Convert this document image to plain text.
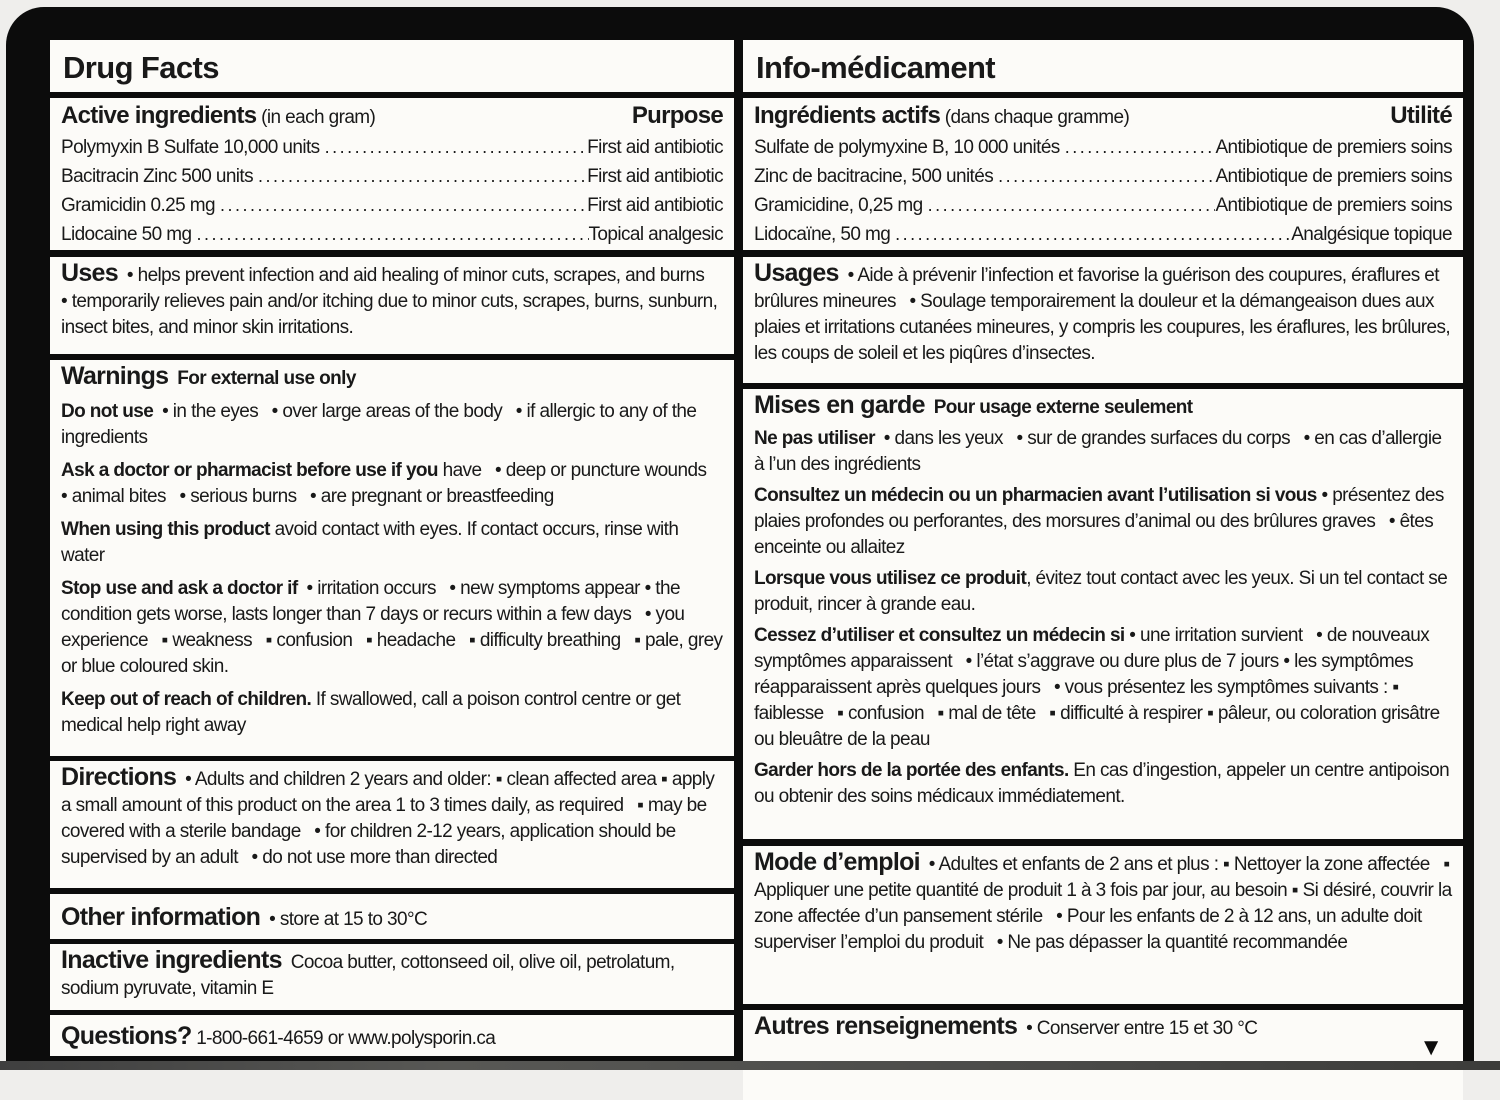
Drug Facts
Active ingredients (in each gram)	Purpose
Polymyxin B Sulfate 10,000 units .....	First aid antibiotic
Bacitracin Zinc 500 units .....	First aid antibiotic
Gramicidin 0.25 mg .....	First aid antibiotic
Lidocaine 50 mg .....	Topical analgesic

Uses • helps prevent infection and aid healing of minor cuts, scrapes, and burns  • temporarily relieves pain and/or itching due to minor cuts, scrapes, burns, sunburn, insect bites, and minor skin irritations.

Warnings For external use only

Do not use • in the eyes  • over large areas of the body  • if allergic to any of the ingredients

Ask a doctor or pharmacist before use if you have  • deep or puncture wounds  • animal bites  • serious burns  • are pregnant or breastfeeding

When using this product avoid contact with eyes. If contact occurs, rinse with water

Stop use and ask a doctor if • irritation occurs  • new symptoms appear • the condition gets worse, lasts longer than 7 days or recurs within a few days  • you experience  ▪ weakness  ▪ confusion  ▪ headache  ▪ difficulty breathing  ▪ pale, grey or blue coloured skin.

Keep out of reach of children. If swallowed, call a poison control centre or get medical help right away

Directions • Adults and children 2 years and older: ▪ clean affected area ▪ apply a small amount of this product on the area 1 to 3 times daily, as required  ▪ may be covered with a sterile bandage  • for children 2-12 years, application should be supervised by an adult  • do not use more than directed

Other information • store at 15 to 30°C

Inactive ingredients Cocoa butter, cottonseed oil, olive oil, petrolatum, sodium pyruvate, vitamin E

Questions? 1-800-661-4659 or www.polysporin.ca

Info-médicament
Ingrédients actifs (dans chaque gramme)	Utilité
Sulfate de polymyxine B, 10 000 unités .....	Antibiotique de premiers soins
Zinc de bacitracine, 500 unités .....	Antibiotique de premiers soins
Gramicidine, 0,25 mg .....	Antibiotique de premiers soins
Lidocaïne, 50 mg .....	Analgésique topique

Usages • Aide à prévenir l’infection et favorise la guérison des coupures, éraflures et brûlures mineures  • Soulage temporairement la douleur et la démangeaison dues aux plaies et irritations cutanées mineures, y compris les coupures, les éraflures, les brûlures, les coups de soleil et les piqûres d’insectes.

Mises en garde Pour usage externe seulement

Ne pas utiliser • dans les yeux  • sur de grandes surfaces du corps  • en cas d’allergie à l’un des ingrédients

Consultez un médecin ou un pharmacien avant l’utilisation si vous • présentez des plaies profondes ou perforantes, des morsures d’animal ou des brûlures graves  • êtes enceinte ou allaitez

Lorsque vous utilisez ce produit, évitez tout contact avec les yeux. Si un tel contact se produit, rincer à grande eau.

Cessez d’utiliser et consultez un médecin si • une irritation survient  • de nouveaux symptômes apparaissent  • l’état s’aggrave ou dure plus de 7 jours • les symptômes réapparaissent après quelques jours  • vous présentez les symptômes suivants : ▪ faiblesse  ▪ confusion  ▪ mal de tête  ▪ difficulté à respirer ▪ pâleur, ou coloration grisâtre ou bleuâtre de la peau

Garder hors de la portée des enfants. En cas d’ingestion, appeler un centre antipoison ou obtenir des soins médicaux immédiatement.

Mode d’emploi • Adultes et enfants de 2 ans et plus : ▪ Nettoyer la zone affectée  ▪ Appliquer une petite quantité de produit 1 à 3 fois par jour, au besoin ▪ Si désiré, couvrir la zone affectée d’un pansement stérile  • Pour les enfants de 2 à 12 ans, un adulte doit superviser l’emploi du produit  • Ne pas dépasser la quantité recommandée

Autres renseignements • Conserver entre 15 et 30 °C

▼
